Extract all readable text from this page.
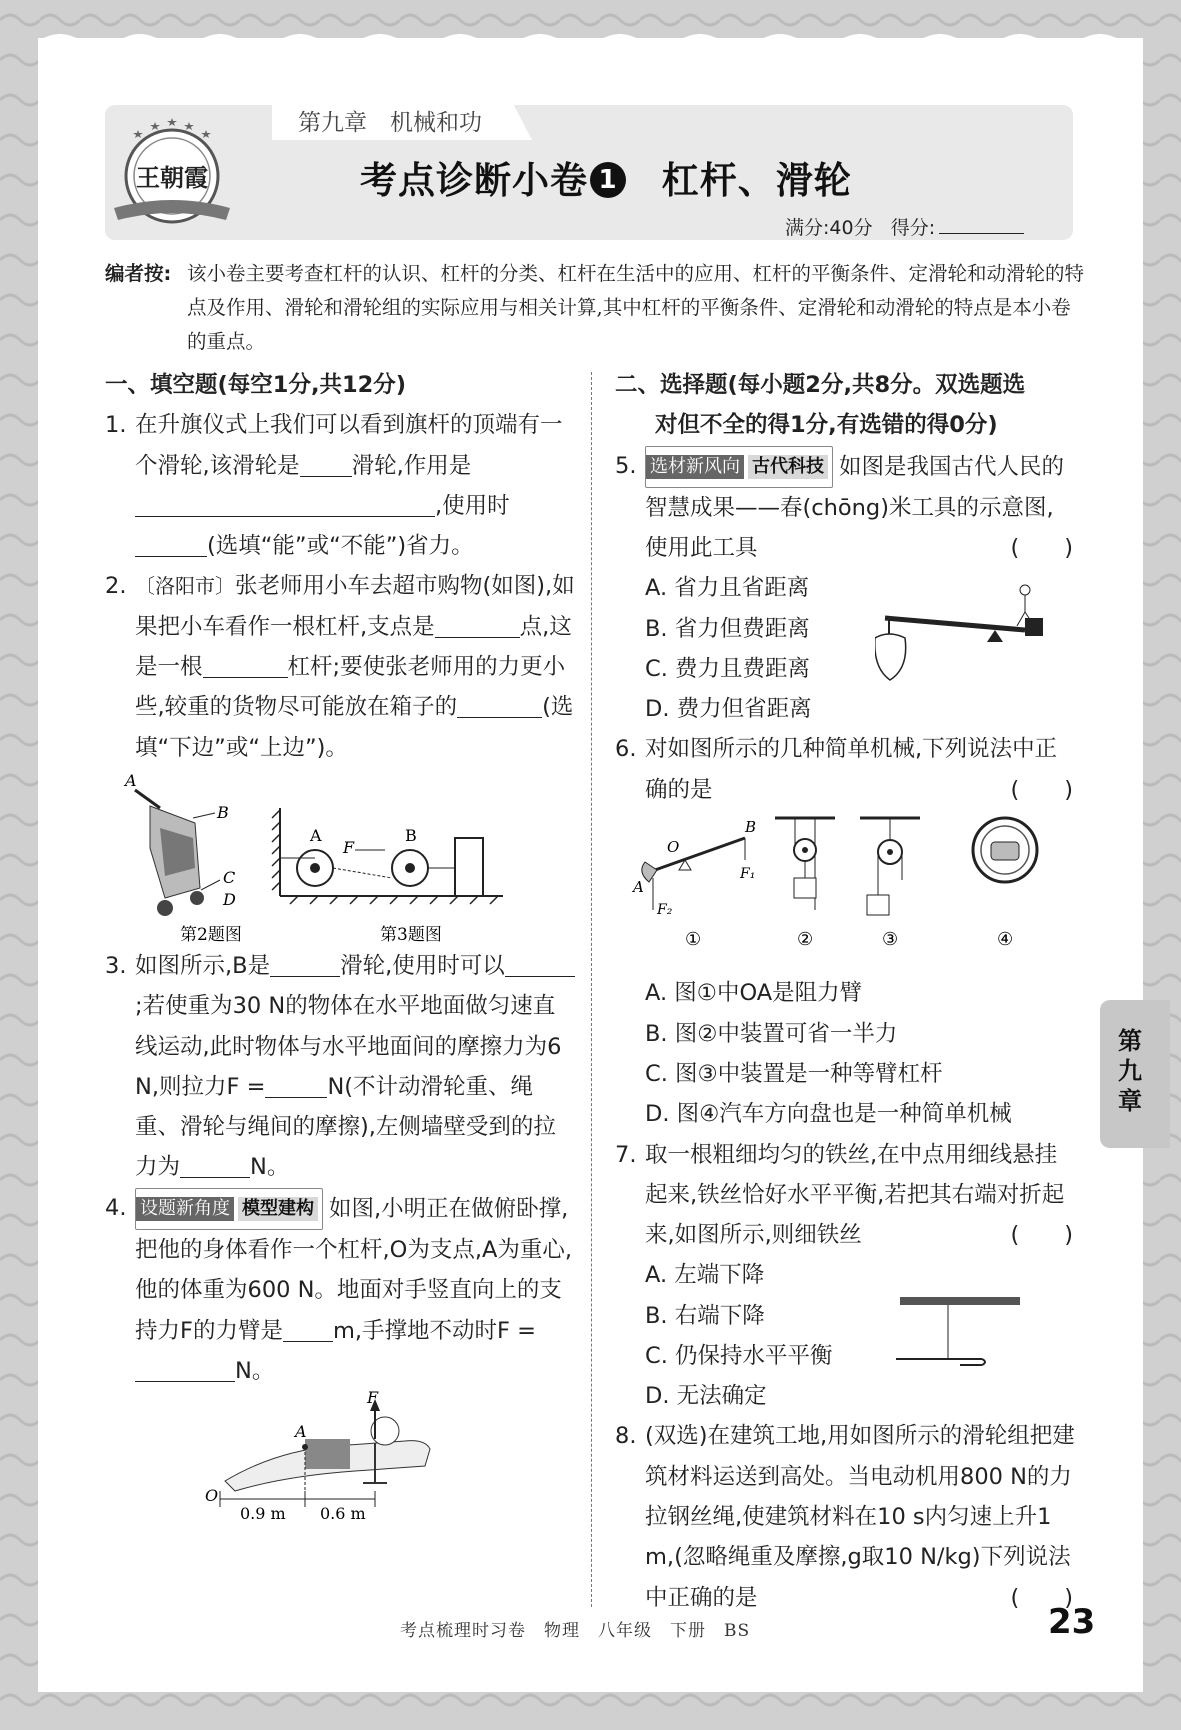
第九章　机械和功
王朝霞	考点诊断小卷 1 杠杆、滑轮
满分:40分 得分:
编者按: 该小卷主要考查杠杆的认识、杠杆的分类、杠杆在生活中的应用、杠杆的平衡条件、定滑轮和动滑轮的特点及作用、滑轮和滑轮组的实际应用与相关计算,其中杠杆的平衡条件、定滑轮和动滑轮的特点是本小卷的重点。
一、填空题(每空1分,共12分)
1. 在升旗仪式上我们可以看到旗杆的顶端有一个滑轮,该滑轮是 滑轮,作用是,使用时(选填“能”或“不能”)省力。
2. 〔洛阳市〕张老师用小车去超市购物(如图),如果把小车看作一根杠杆,支点是	点,这是一根	杠杆;要使张老师用的力更小些,较重的货物尽可能放在箱子的	(选填“下边”或“上边”)。
A
B
C
D
A	B
F
第2题图	第3题图
3. 如图所示,B是	滑轮,使用时可以;若使重为30 N的物体在水平地面做匀速直线运动,此时物体与水平地面间的摩擦力为6 N,则拉力F =	N(不计动滑轮重、绳重、滑轮与绳间的摩擦),左侧墙壁受到的拉力为	N。
4. 设题新角度 模型建构 如图,小明正在做俯卧撑,把他的身体看作一个杠杆,O为支点,A为重心,他的体重为600 N。地面对手竖直向上的支持力F的力臂是 m,手撑地不动时F =N。
F
A
O
0.9 m 0.6 m
二、选择题(每小题2分,共8分。双选题选
对但不全的得1分,有选错的得0分)
5. 选材新风向 古代科技 如图是我国古代人民的智慧成果——春(chōng)米工具的示意图,使用此工具	(　　)
A. 省力且省距离
B. 省力但费距离
C. 费力且费距离
D. 费力但省距离
6. 对如图所示的几种简单机械,下列说法中正确的是	(　　)
O
B
F₁
A
F₂
①	②	③	④
A. 图①中OA是阻力臂
B. 图②中装置可省一半力
C. 图③中装置是一种等臂杠杆
D. 图④汽车方向盘也是一种简单机械
7. 取一根粗细均匀的铁丝,在中点用细线悬挂起来,铁丝恰好水平平衡,若把其右端对折起来,如图所示,则细铁丝	(　　)
A. 左端下降
B. 右端下降
C. 仍保持水平平衡
D. 无法确定
8. (双选)在建筑工地,用如图所示的滑轮组把建筑材料运送到高处。当电动机用800 N的力拉钢丝绳,使建筑材料在10 s内匀速上升1 m,(忽略绳重及摩擦,g取10 N/kg)下列说法中正确的是	(　　)
第九章
考点梳理时习卷　物理　八年级　下册　BS	23
